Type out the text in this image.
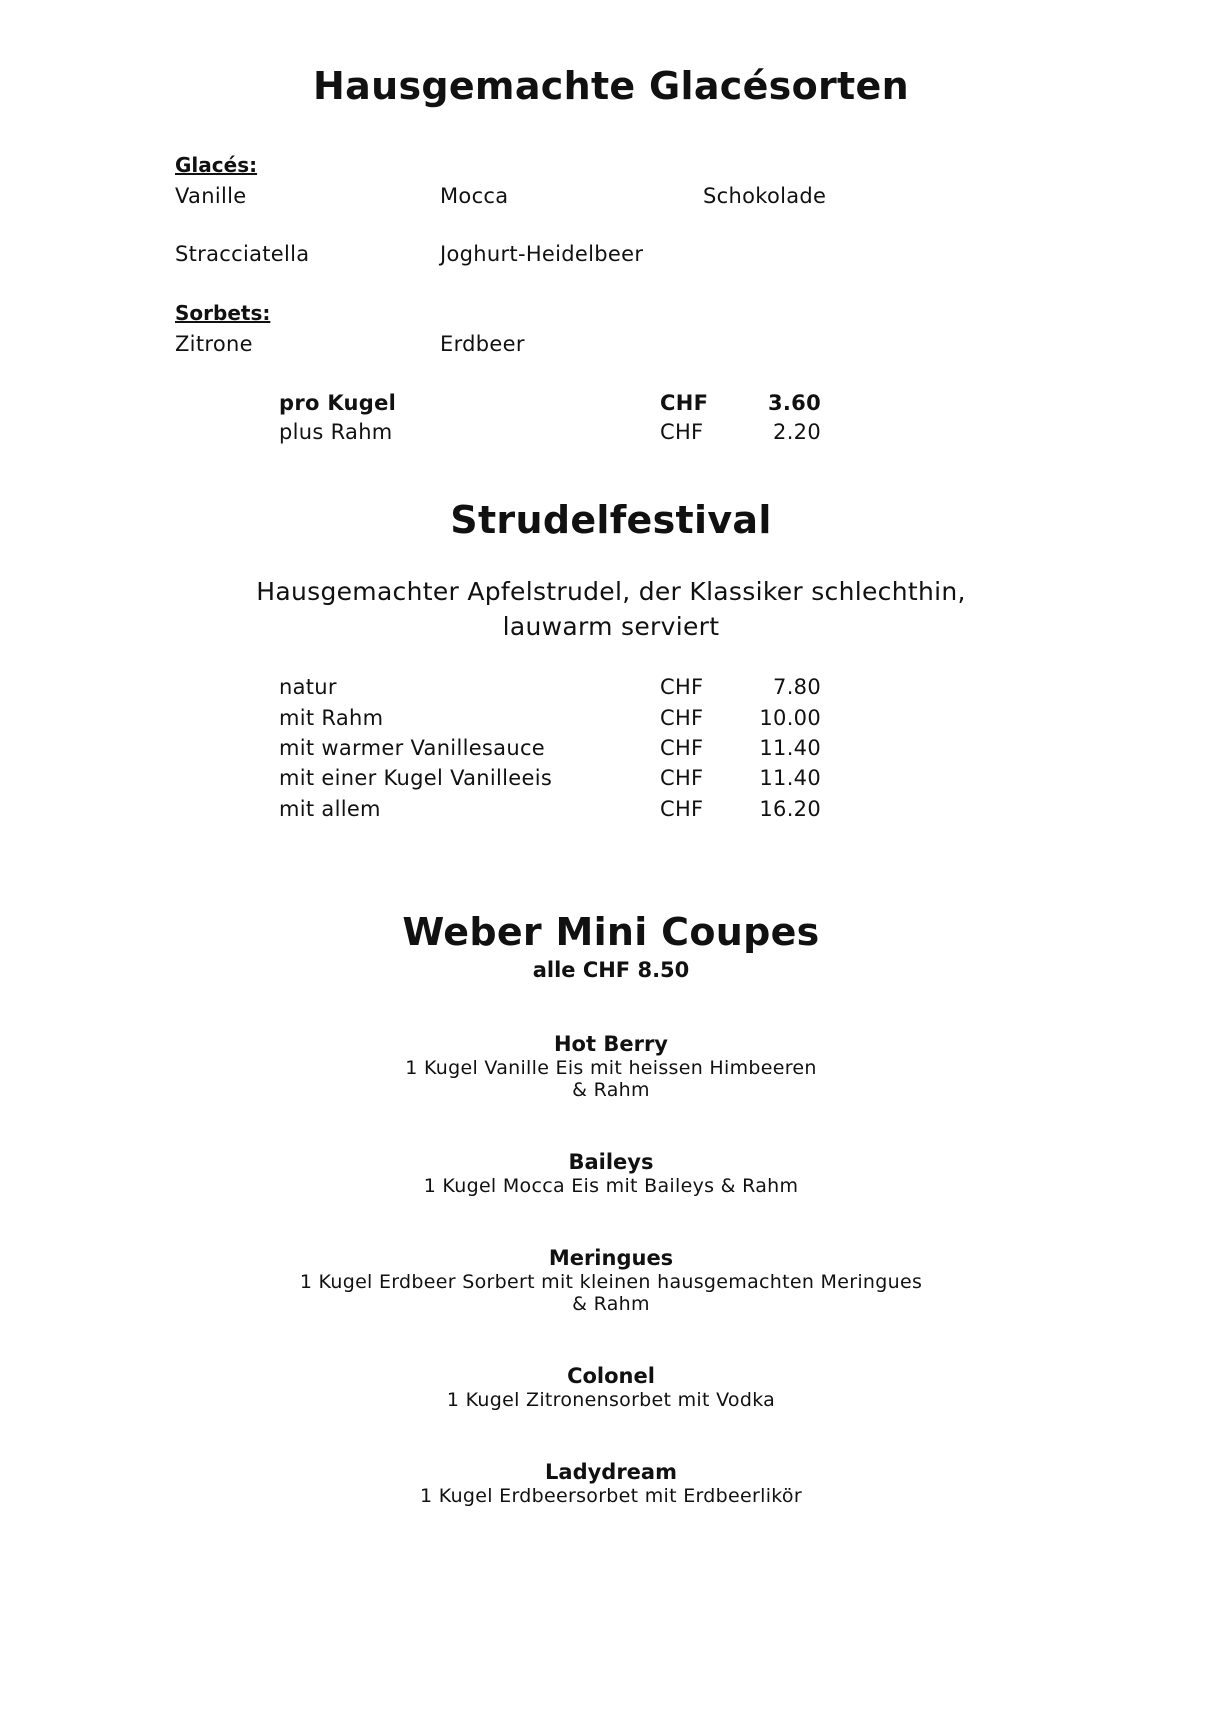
Hausgemachte Glacésorten
Glacés:
Vanille	Mocca	Schokolade
Stracciatella	Joghurt-Heidelbeer
Sorbets:
Zitrone	Erdbeer
pro Kugel	CHF	3.60
plus Rahm	CHF	2.20
Strudelfestival
Hausgemachter Apfelstrudel, der Klassiker schlechthin,
lauwarm serviert
natur	CHF	7.80
mit Rahm	CHF	10.00
mit warmer Vanillesauce	CHF	11.40
mit einer Kugel Vanilleeis	CHF	11.40
mit allem	CHF	16.20
Weber Mini Coupes
alle CHF 8.50
Hot Berry
1 Kugel Vanille Eis mit heissen Himbeeren
& Rahm
Baileys
1 Kugel Mocca Eis mit Baileys & Rahm
Meringues
1 Kugel Erdbeer Sorbert mit kleinen hausgemachten Meringues
& Rahm
Colonel
1 Kugel Zitronensorbet mit Vodka
Ladydream
1 Kugel Erdbeersorbet mit Erdbeerlikör
